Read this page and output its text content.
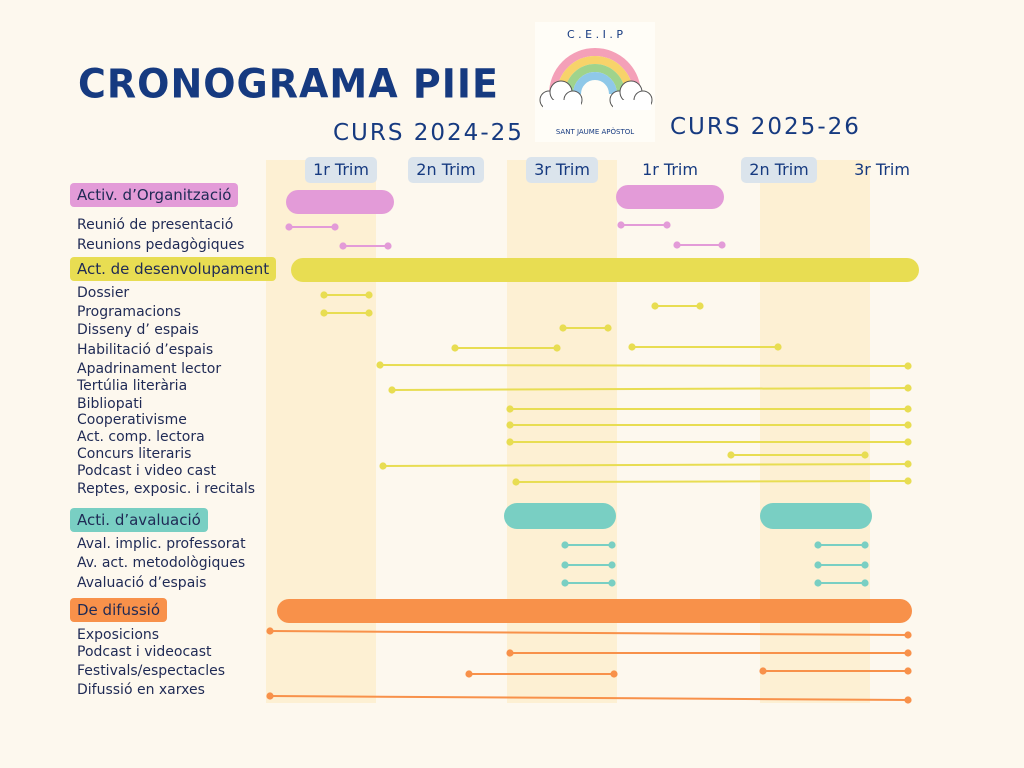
CRONOGRAMA PIIE
CURS 2024-25	CURS 2025-26
C . E . I . P
SANT JAUME APÒSTOL
1r Trim	2n Trim	3r Trim	1r Trim	2n Trim	3r Trim
Activ. d’Organització
Act. de desenvolupament
Acti. d’avaluació
De difussió
Reunió de presentació
Reunions pedagògiques
Dossier
Programacions
Disseny d’ espais
Habilitació d’espais
Apadrinament lector
Tertúlia literària
Bibliopati
Cooperativisme
Act. comp. lectora
Concurs literaris
Podcast i video cast
Reptes, exposic. i recitals
Aval. implic. professorat
Av. act. metodològiques
Avaluació d’espais
Exposicions
Podcast i videocast
Festivals/espectacles
Difussió en xarxes
